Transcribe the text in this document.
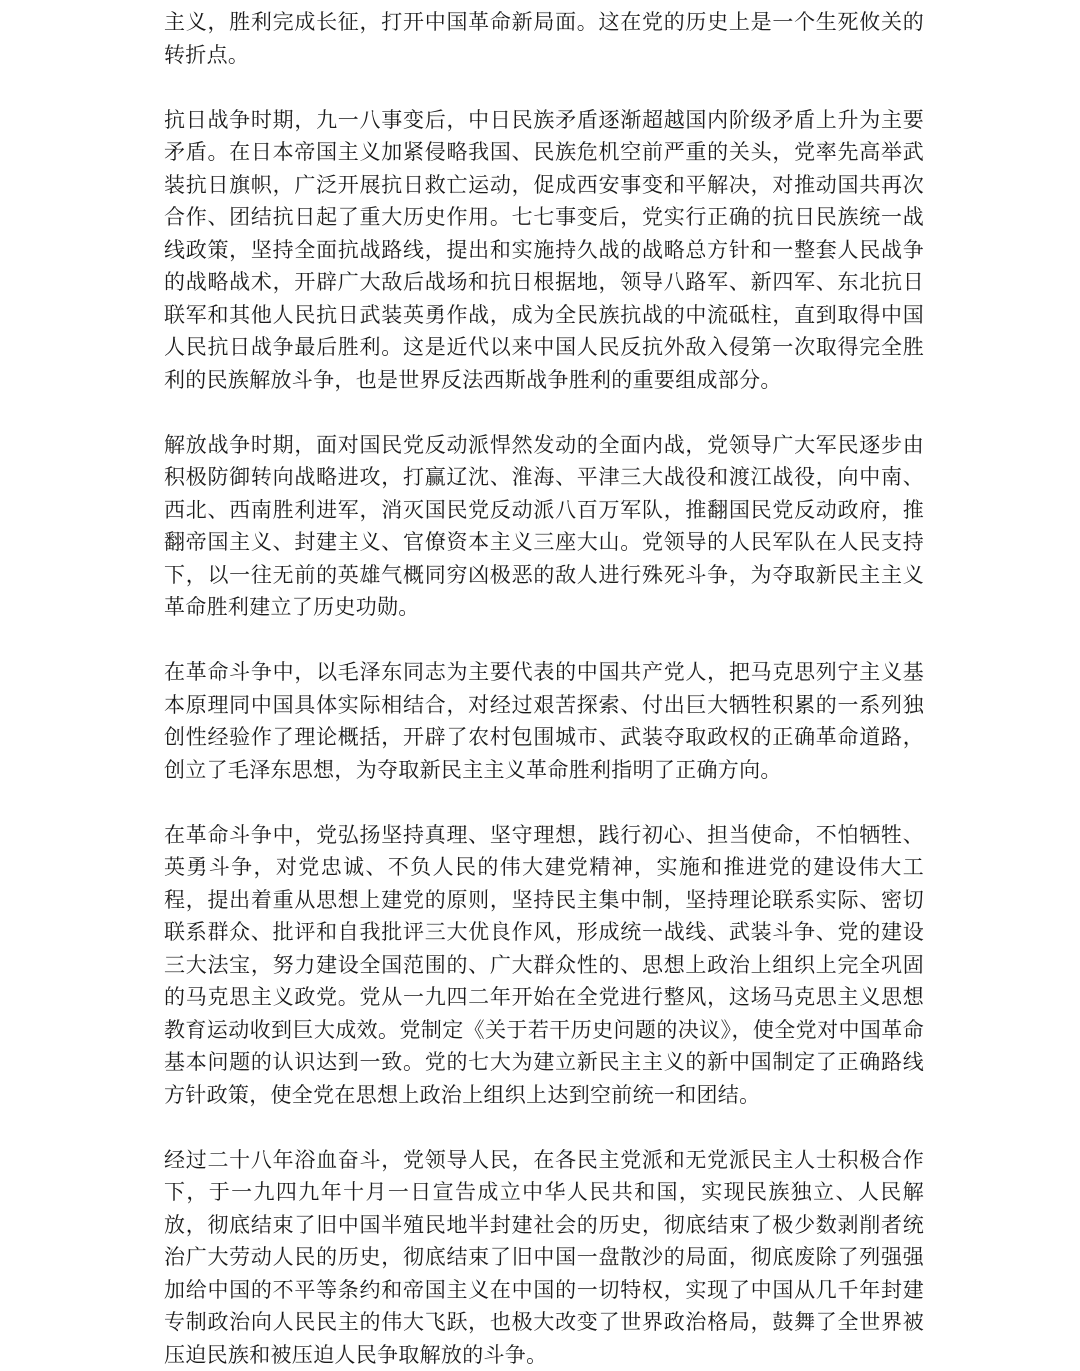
主义，胜利完成长征，打开中国革命新局面。这在党的历史上是一个生死攸关的转折点。

抗日战争时期，九一八事变后，中日民族矛盾逐渐超越国内阶级矛盾上升为主要矛盾。在日本帝国主义加紧侵略我国、民族危机空前严重的关头，党率先高举武装抗日旗帜，广泛开展抗日救亡运动，促成西安事变和平解决，对推动国共再次合作、团结抗日起了重大历史作用。七七事变后，党实行正确的抗日民族统一战线政策，坚持全面抗战路线，提出和实施持久战的战略总方针和一整套人民战争的战略战术，开辟广大敌后战场和抗日根据地，领导八路军、新四军、东北抗日联军和其他人民抗日武装英勇作战，成为全民族抗战的中流砥柱，直到取得中国人民抗日战争最后胜利。这是近代以来中国人民反抗外敌入侵第一次取得完全胜利的民族解放斗争，也是世界反法西斯战争胜利的重要组成部分。

解放战争时期，面对国民党反动派悍然发动的全面内战，党领导广大军民逐步由积极防御转向战略进攻，打赢辽沈、淮海、平津三大战役和渡江战役，向中南、西北、西南胜利进军，消灭国民党反动派八百万军队，推翻国民党反动政府，推翻帝国主义、封建主义、官僚资本主义三座大山。党领导的人民军队在人民支持下，以一往无前的英雄气概同穷凶极恶的敌人进行殊死斗争，为夺取新民主主义革命胜利建立了历史功勋。

在革命斗争中，以毛泽东同志为主要代表的中国共产党人，把马克思列宁主义基本原理同中国具体实际相结合，对经过艰苦探索、付出巨大牺牲积累的一系列独创性经验作了理论概括，开辟了农村包围城市、武装夺取政权的正确革命道路，创立了毛泽东思想，为夺取新民主主义革命胜利指明了正确方向。

在革命斗争中，党弘扬坚持真理、坚守理想，践行初心、担当使命，不怕牺牲、英勇斗争，对党忠诚、不负人民的伟大建党精神，实施和推进党的建设伟大工程，提出着重从思想上建党的原则，坚持民主集中制，坚持理论联系实际、密切联系群众、批评和自我批评三大优良作风，形成统一战线、武装斗争、党的建设三大法宝，努力建设全国范围的、广大群众性的、思想上政治上组织上完全巩固的马克思主义政党。党从一九四二年开始在全党进行整风，这场马克思主义思想教育运动收到巨大成效。党制定《关于若干历史问题的决议》，使全党对中国革命基本问题的认识达到一致。党的七大为建立新民主主义的新中国制定了正确路线方针政策，使全党在思想上政治上组织上达到空前统一和团结。

经过二十八年浴血奋斗，党领导人民，在各民主党派和无党派民主人士积极合作下，于一九四九年十月一日宣告成立中华人民共和国，实现民族独立、人民解放，彻底结束了旧中国半殖民地半封建社会的历史，彻底结束了极少数剥削者统治广大劳动人民的历史，彻底结束了旧中国一盘散沙的局面，彻底废除了列强强加给中国的不平等条约和帝国主义在中国的一切特权，实现了中国从几千年封建专制政治向人民民主的伟大飞跃，也极大改变了世界政治格局，鼓舞了全世界被压迫民族和被压迫人民争取解放的斗争。
